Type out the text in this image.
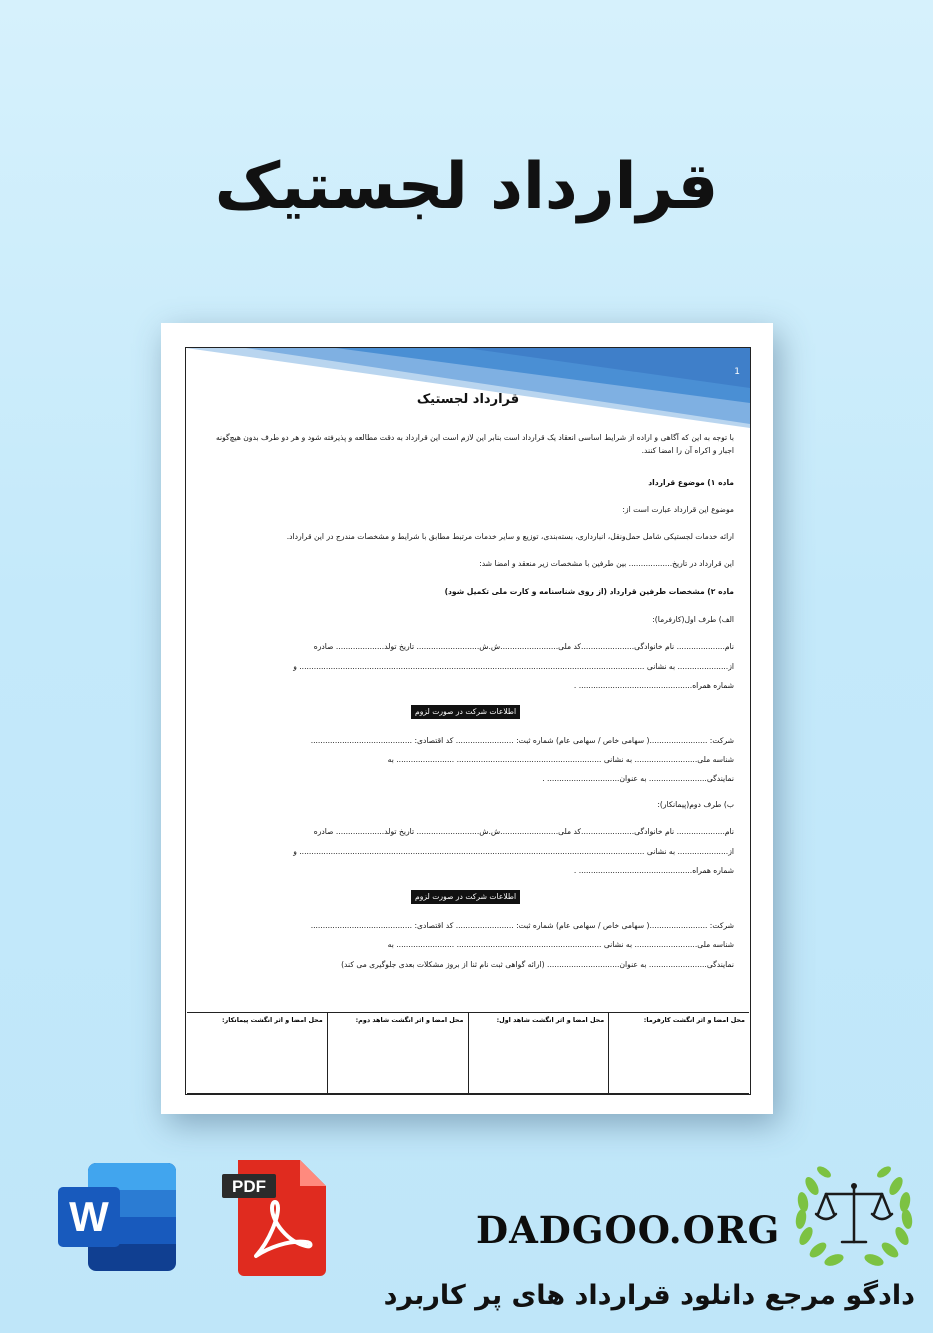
قرارداد لجستیک
1
قرارداد لجستیک
با توجه به این که آگاهی و اراده از شرایط اساسی انعقاد یک قرارداد است بنابر این لازم است این قرارداد به دقت مطالعه و پذیرفته شود و هر دو طرف بدون هیچ‌گونه اجبار و اکراه آن را امضا کنند.
ماده ۱) موضوع قرارداد
موضوع این قرارداد عبارت است از:
ارائه خدمات لجستیکی شامل حمل‌ونقل، انبارداری، بسته‌بندی، توزیع و سایر خدمات مرتبط مطابق با شرایط و مشخصات مندرج در این قرارداد.
این قرارداد در تاریخ.................. بین طرفین با مشخصات زیر منعقد و امضا شد:
ماده ۲) مشخصات طرفین قرارداد (از روی شناسنامه و کارت ملی تکمیل شود)
الف) طرف اول(کارفرما):
نام.................... نام خانوادگی......................کد ملی........................ش.ش.......................... تاریخ تولد.................... صادره
از..................... به نشانی ............................................................................................................................................... و
شماره همراه............................................... .
اطلاعات شرکت در صورت لزوم
شرکت: ........................( سهامی خاص / سهامی عام) شماره ثبت: ........................ کد اقتصادی: ..........................................
شناسه ملی.......................... به نشانی ............................................................ ........................ به
نمایندگی........................ به عنوان.............................. .
ب) طرف دوم(پیمانکار):
نام.................... نام خانوادگی......................کد ملی........................ش.ش.......................... تاریخ تولد.................... صادره
از..................... به نشانی ............................................................................................................................................... و
شماره همراه............................................... .
اطلاعات شرکت در صورت لزوم
شرکت: ........................( سهامی خاص / سهامی عام) شماره ثبت: ........................ کد اقتصادی: ..........................................
شناسه ملی.......................... به نشانی ............................................................ ........................ به
نمایندگی........................ به عنوان.............................. (ارائه گواهی ثبت نام ثنا از بروز مشکلات بعدی جلوگیری می کند)
محل امضا و اثر انگشت کارفرما:
محل امضا و اثر انگشت شاهد اول:
محل امضا و اثر انگشت شاهد دوم:
محل امضا و اثر انگشت پیمانکار:
W
PDF
DADGOO.ORG
دادگو مرجع دانلود قرارداد های پر کاربرد
